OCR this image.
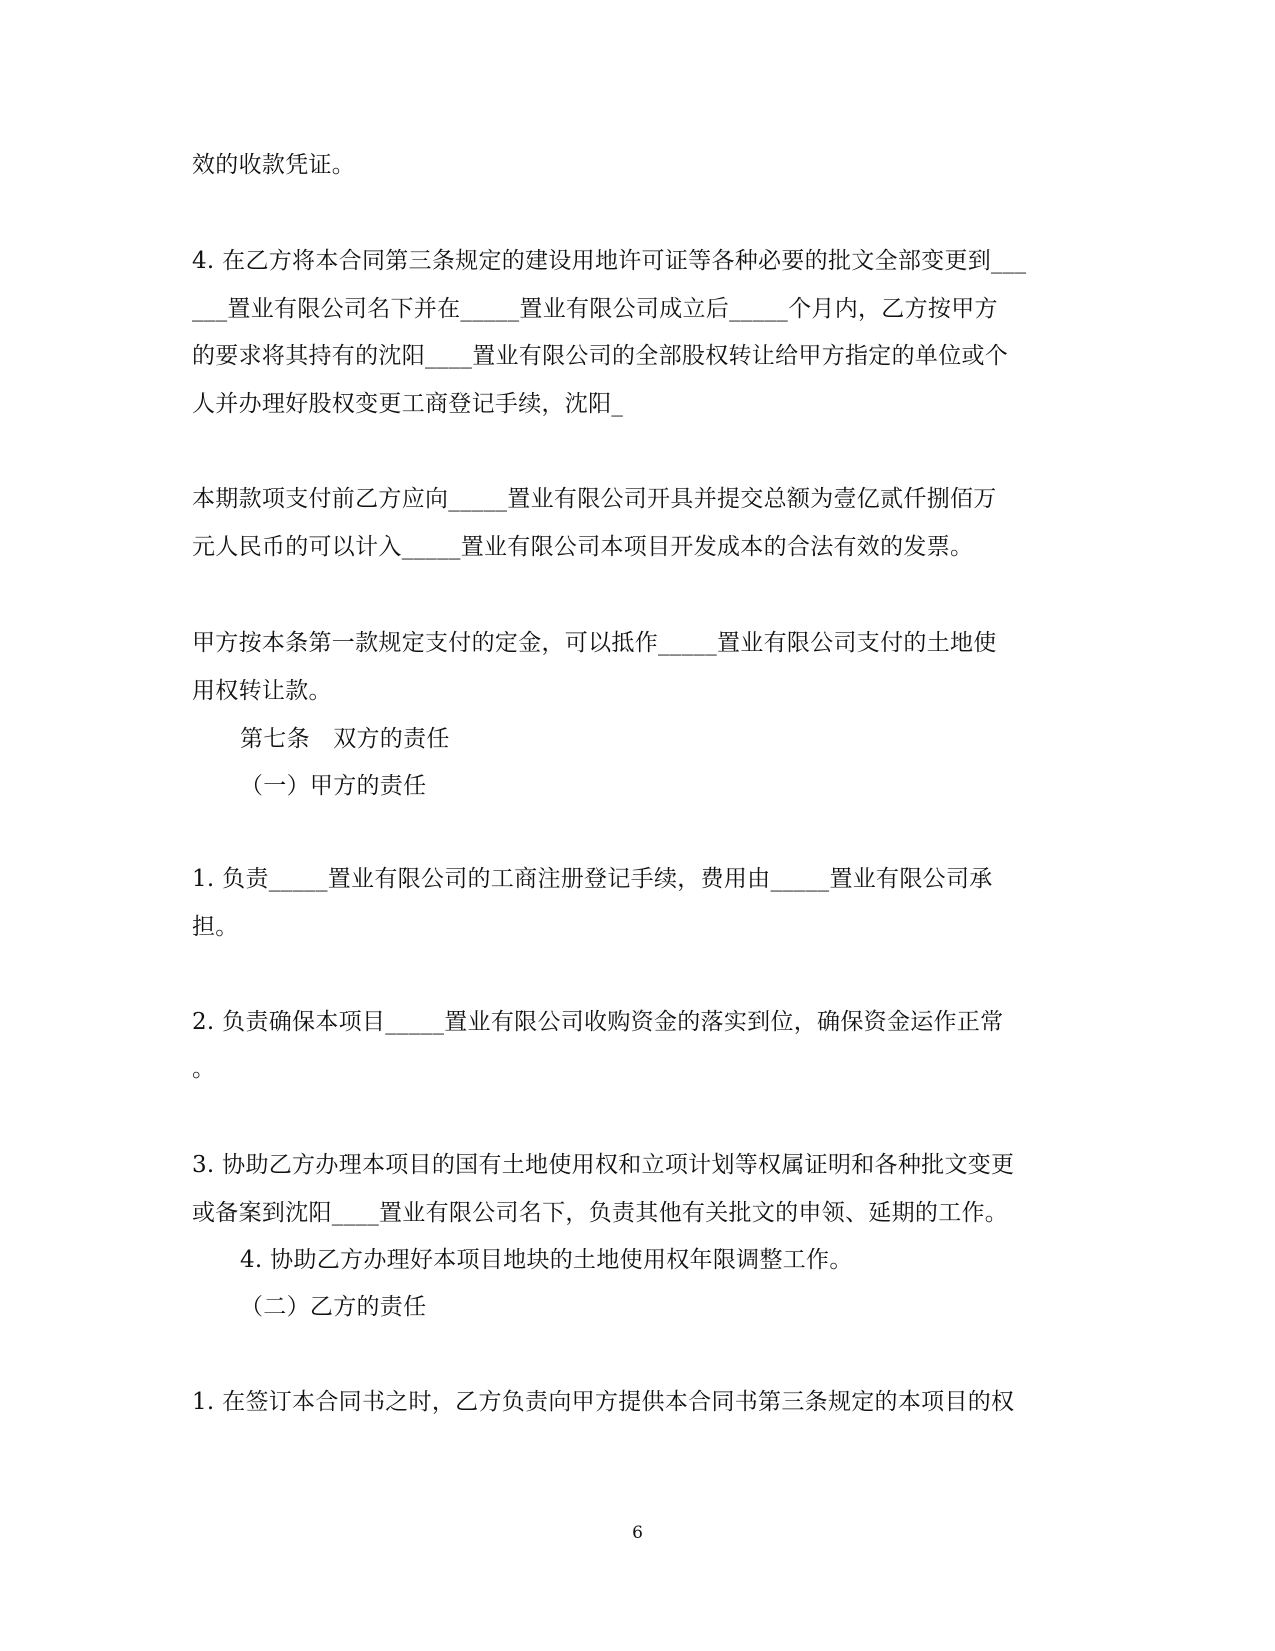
效的收款凭证。
4. 在乙方将本合同第三条规定的建设用地许可证等各种必要的批文全部变更到___
___置业有限公司名下并在_____置业有限公司成立后_____个月内，乙方按甲方
的要求将其持有的沈阳____置业有限公司的全部股权转让给甲方指定的单位或个
人并办理好股权变更工商登记手续，沈阳_
本期款项支付前乙方应向_____置业有限公司开具并提交总额为壹亿贰仟捌佰万
元人民币的可以计入_____置业有限公司本项目开发成本的合法有效的发票。
甲方按本条第一款规定支付的定金，可以抵作_____置业有限公司支付的土地使
用权转让款。
第七条　双方的责任
（一）甲方的责任
1. 负责_____置业有限公司的工商注册登记手续，费用由_____置业有限公司承
担。
2. 负责确保本项目_____置业有限公司收购资金的落实到位，确保资金运作正常
。
3. 协助乙方办理本项目的国有土地使用权和立项计划等权属证明和各种批文变更
或备案到沈阳____置业有限公司名下，负责其他有关批文的申领、延期的工作。
4. 协助乙方办理好本项目地块的土地使用权年限调整工作。
（二）乙方的责任
1. 在签订本合同书之时，乙方负责向甲方提供本合同书第三条规定的本项目的权
6
